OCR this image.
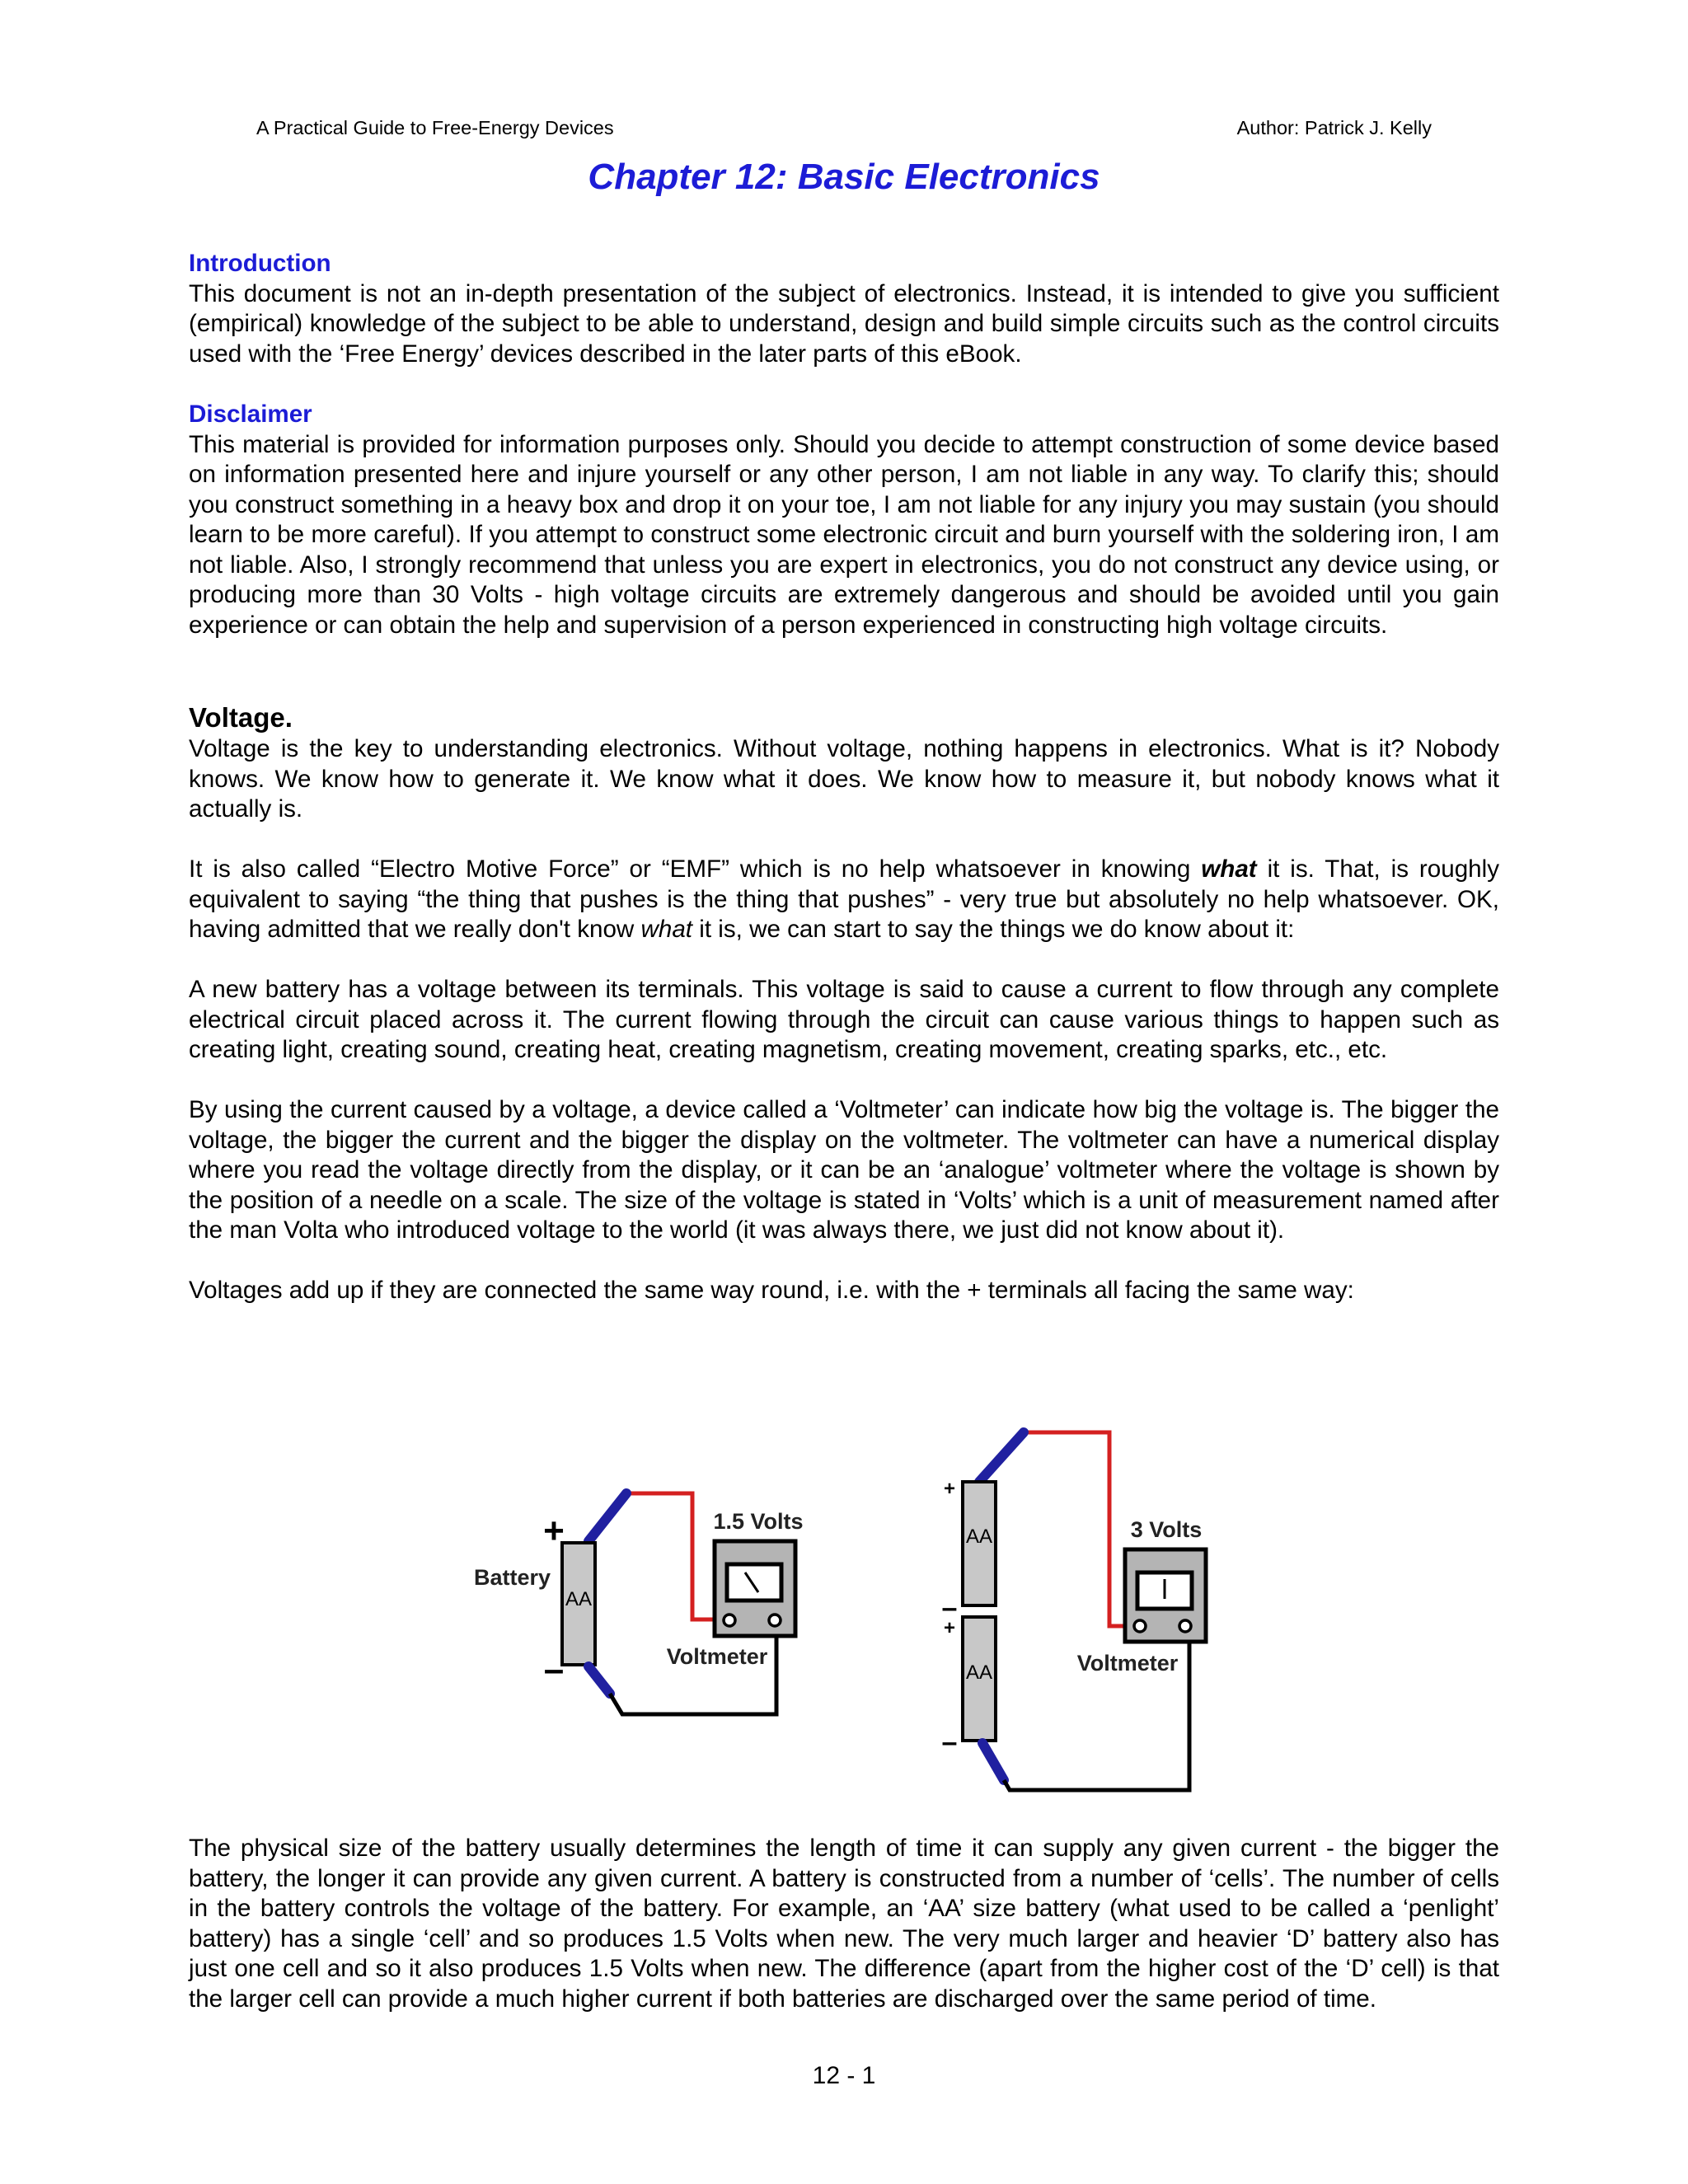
A Practical Guide to Free-Energy Devices	Author: Patrick J. Kelly
Chapter 12: Basic Electronics
Introduction

This document is not an in-depth presentation of the subject of electronics. Instead, it is intended to give you sufficient (empirical) knowledge of the subject to be able to understand, design and build simple circuits such as the control circuits used with the ‘Free Energy’ devices described in the later parts of this eBook.

Disclaimer

This material is provided for information purposes only. Should you decide to attempt construction of some device based on information presented here and injure yourself or any other person, I am not liable in any way. To clarify this; should you construct something in a heavy box and drop it on your toe, I am not liable for any injury you may sustain (you should learn to be more careful). If you attempt to construct some electronic circuit and burn yourself with the soldering iron, I am not liable. Also, I strongly recommend that unless you are expert in electronics, you do not construct any device using, or producing more than 30 Volts - high voltage circuits are extremely dangerous and should be avoided until you gain experience or can obtain the help and supervision of a person experienced in constructing high voltage circuits.

Voltage.

Voltage is the key to understanding electronics. Without voltage, nothing happens in electronics. What is it? Nobody knows. We know how to generate it. We know what it does. We know how to measure it, but nobody knows what it actually is.

It is also called “Electro Motive Force” or “EMF” which is no help whatsoever in knowing what it is. That, is roughly equivalent to saying “the thing that pushes is the thing that pushes” - very true but absolutely no help whatsoever. OK, having admitted that we really don't know what it is, we can start to say the things we do know about it:

A new battery has a voltage between its terminals. This voltage is said to cause a current to flow through any complete electrical circuit placed across it. The current flowing through the circuit can cause various things to happen such as creating light, creating sound, creating heat, creating magnetism, creating movement, creating sparks, etc., etc.

By using the current caused by a voltage, a device called a ‘Voltmeter’ can indicate how big the voltage is. The bigger the voltage, the bigger the current and the bigger the display on the voltmeter. The voltmeter can have a numerical display where you read the voltage directly from the display, or it can be an ‘analogue’ voltmeter where the voltage is shown by the position of a needle on a scale. The size of the voltage is stated in ‘Volts’ which is a unit of measurement named after the man Volta who introduced voltage to the world (it was always there, we just did not know about it).

Voltages add up if they are connected the same way round, i.e. with the + terminals all facing the same way:

AA
+
–
Battery
1.5 Volts
Voltmeter
AA
+
–
+
AA
–
3 Volts
Voltmeter

The physical size of the battery usually determines the length of time it can supply any given current - the bigger the battery, the longer it can provide any given current. A battery is constructed from a number of ‘cells’. The number of cells in the battery controls the voltage of the battery. For example, an ‘AA’ size battery (what used to be called a ‘penlight’ battery) has a single ‘cell’ and so produces 1.5 Volts when new. The very much larger and heavier ‘D’ battery also has just one cell and so it also produces 1.5 Volts when new. The difference (apart from the higher cost of the ‘D’ cell) is that the larger cell can provide a much higher current if both batteries are discharged over the same period of time.

12 - 1
